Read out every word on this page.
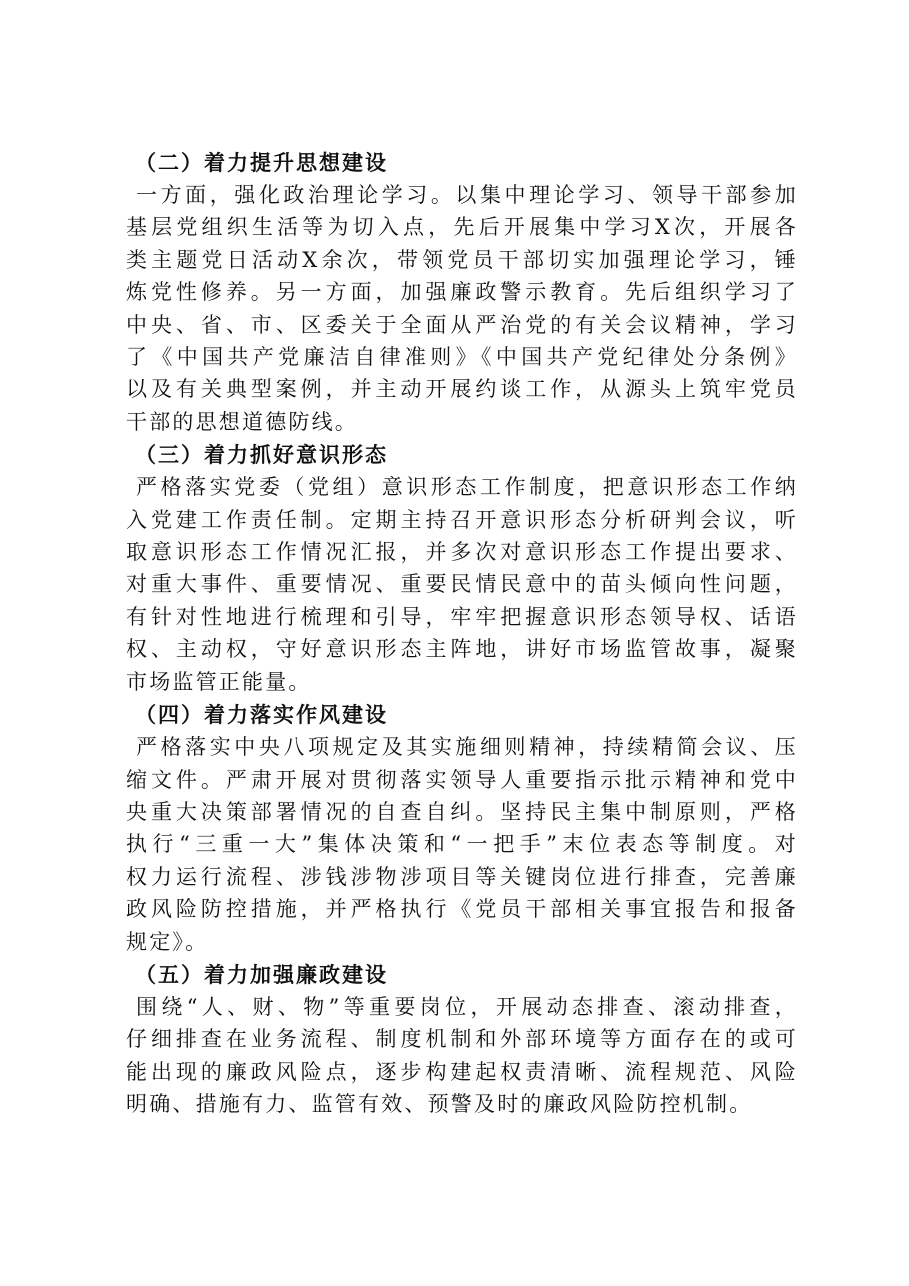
（二）着力提升思想建设

一方面，强化政治理论学习。以集中理论学习、领导干部参加
基层党组织生活等为切入点，先后开展集中学习X次，开展各
类主题党日活动X余次，带领党员干部切实加强理论学习，锤
炼党性修养。另一方面，加强廉政警示教育。先后组织学习了
中央、省、市、区委关于全面从严治党的有关会议精神，学习
了《中国共产党廉洁自律准则》《中国共产党纪律处分条例》
以及有关典型案例，并主动开展约谈工作，从源头上筑牢党员
干部的思想道德防线。

（三）着力抓好意识形态

严格落实党委（党组）意识形态工作制度，把意识形态工作纳
入党建工作责任制。定期主持召开意识形态分析研判会议，听
取意识形态工作情况汇报，并多次对意识形态工作提出要求、
对重大事件、重要情况、重要民情民意中的苗头倾向性问题，
有针对性地进行梳理和引导，牢牢把握意识形态领导权、话语
权、主动权，守好意识形态主阵地，讲好市场监管故事，凝聚
市场监管正能量。

（四）着力落实作风建设

严格落实中央八项规定及其实施细则精神，持续精简会议、压
缩文件。严肃开展对贯彻落实领导人重要指示批示精神和党中
央重大决策部署情况的自查自纠。坚持民主集中制原则，严格
执行“三重一大”集体决策和“一把手”末位表态等制度。对
权力运行流程、涉钱涉物涉项目等关键岗位进行排查，完善廉
政风险防控措施，并严格执行《党员干部相关事宜报告和报备
规定》。

（五）着力加强廉政建设

围绕“人、财、物”等重要岗位，开展动态排查、滚动排查，
仔细排查在业务流程、制度机制和外部环境等方面存在的或可
能出现的廉政风险点，逐步构建起权责清晰、流程规范、风险
明确、措施有力、监管有效、预警及时的廉政风险防控机制。
